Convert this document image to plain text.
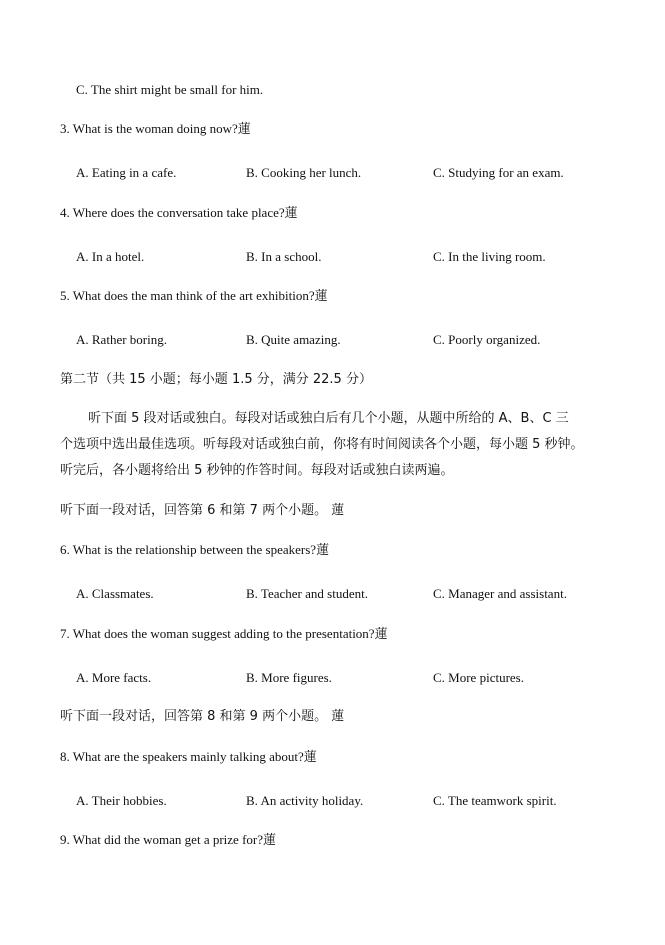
C. The shirt might be small for him.
3. What is the woman doing now?蓮
A. Eating in a cafe.	B. Cooking her lunch.	C. Studying for an exam.
4. Where does the conversation take place?蓮
A. In a hotel.	B. In a school.	C. In the living room.
5. What does the man think of the art exhibition?蓮
A. Rather boring.	B. Quite amazing.	C. Poorly organized.
第二节（共 15 小题；每小题 1.5 分，满分 22.5 分）

听下面 5 段对话或独白。每段对话或独白后有几个小题，从题中所给的 A、B、C 三

个选项中选出最佳选项。听每段对话或独白前，你将有时间阅读各个小题，每小题 5 秒钟。

听完后，各小题将给出 5 秒钟的作答时间。每段对话或独白读两遍。

听下面一段对话，回答第 6 和第 7 两个小题。 蓮
6. What is the relationship between the speakers?蓮
A. Classmates.	B. Teacher and student.	C. Manager and assistant.
7. What does the woman suggest adding to the presentation?蓮
A. More facts.	B. More figures.	C. More pictures.
听下面一段对话，回答第 8 和第 9 两个小题。 蓮
8. What are the speakers mainly talking about?蓮
A. Their hobbies.	B. An activity holiday.	C. The teamwork spirit.
9. What did the woman get a prize for?蓮
